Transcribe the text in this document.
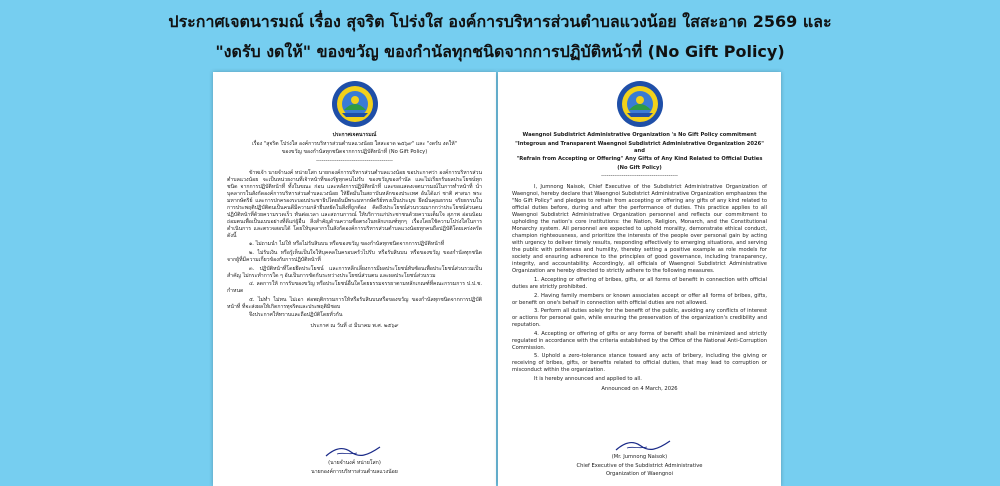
ประกาศเจตนารมณ์ เรื่อง สุจริต โปร่งใส องค์การบริหารส่วนตำบลแวงน้อย ใสสะอาด 2569 และ
"งดรับ งดให้" ของขวัญ ของกำนัลทุกชนิดจากการปฏิบัติหน้าที่ (No Gift Policy)

ประกาศเจตนารมณ์

เรื่อง "สุจริต โปร่งใส องค์การบริหารส่วนตำบลแวงน้อย ใสสะอาด ๒๕๖๙" และ "งดรับ งดให้"

ของขวัญ ของกำนัลทุกชนิดจากการปฏิบัติหน้าที่ (No Gift Policy)

-----------------------------------------

ข้าพเจ้า นายจำนงค์ หน่ายโสก นายกองค์การบริหารส่วนตำบลแวงน้อย ขอประกาศว่า องค์การบริหารส่วนตำบลแวงน้อย จะเป็นหน่วยงานที่เจ้าหน้าที่ของรัฐทุกคนไม่รับ ของขวัญของกำนัล และไม่เรียกรับผลประโยชน์ทุกชนิด จากการปฏิบัติหน้าที่ ทั้งในขณะ ก่อน และหลังการปฏิบัติหน้าที่ และขอแสดงเจตนารมณ์ในการทำหน้าที่ นำบุคลากรในสังกัดองค์การบริหารส่วนตำบลแวงน้อย ให้ยึดมั่นในสถาบันหลักของประเทศ อันได้แก่ ชาติ ศาสนา พระมหากษัตริย์ และการปกครองระบอบประชาธิปไตยอันมีพระมหากษัตริย์ทรงเป็นประมุข ยึดมั่นคุณธรรม จริยธรรมในการประพฤติปฏิบัติตนเป็นคนดีมีความกล้ายืนหยัดในสิ่งที่ถูกต้อง คิดถึงประโยชน์ส่วนรวมมากกว่าประโยชน์ส่วนตน ปฏิบัติหน้าที่ด้วยความรวดเร็ว ทันต่อเวลา และสถานการณ์ ให้บริการแก่ประชาชนด้วยความเต็มใจ สุภาพ อ่อนน้อมถ่อมตนเพื่อเป็นแบบอย่างที่ดีแก่ผู้อื่น สิ่งสำคัญด้านความซื่อตรงในหลักเกณฑ์ทุกๆ เรื่องโดยใช้ความโปร่งใสในการดำเนินการ และตรวจสอบได้ โดยให้บุคลากรในสังกัดองค์การบริหารส่วนตำบลแวงน้อยทุกคนถือปฏิบัติโดยเคร่งครัด ดังนี้

๑. ไม่ถามนำ ไม่ให้ หรือไม่รับสินบน หรือของขวัญ ของกำนัลทุกชนิดจากการปฏิบัติหน้าที่

๒. ไม่รับเงิน หรือรู้เห็นเป็นใจให้บุคคลในครอบครัวไปรับ หรือรับสินบน หรือของขวัญ ของกำนัลทุกชนิดจากผู้ที่มีความเกี่ยวข้องกับการปฏิบัติหน้าที่

๓. ปฏิบัติหน้าที่โดยยึดประโยชน์ และการหลีกเลี่ยงการมีผลประโยชน์ทับซ้อนเพื่อประโยชน์ส่วนรวมเป็นสำคัญ ไม่กระทำการใด ๆ อันเป็นการขัดกันระหว่างประโยชน์ส่วนตน และผลประโยชน์ส่วนรวม

๔. ลดการให้ การรับของขวัญ หรือประโยชน์อื่นใดโดยธรรมจรรยาตามหลักเกณฑ์ที่คณะกรรมการ ป.ป.ช. กำหนด

๕. ไม่ทำ ไม่ทน ไม่เอา ต่อพฤติกรรมการให้หรือรับสินบนหรือของขวัญ ของกำนัลทุกชนิดจากการปฏิบัติหน้าที่ ที่จะส่งผลให้เกิดการทุจริตและประพฤติมิชอบ

จึงประกาศให้ทราบและถือปฏิบัติโดยทั่วกัน

ประกาศ ณ วันที่ ๔ มีนาคม พ.ศ. ๒๕๖๙

(นายจำนงค์ หน่ายโสก)

นายกองค์การบริหารส่วนตำบลแวงน้อย

Waengnoi Subdistrict Administrative Organization 's No Gift Policy commitment

"Integrous and Transparent Waengnoi Subdistrict Administrative Organization 2026" and

"Refrain from Accepting or Offering" Any Gifts of Any Kind Related to Official Duties

(No Gift Policy)

-----------------------------------------

I, Jumnong Naisok, Chief Executive of the Subdistrict Administrative Organization of Waengnoi, hereby declare that Waengnoi Subdistrict Administrative Organization emphasizes the "No Gift Policy" and pledges to refrain from accepting or offering any gifts of any kind related to official duties before, during and after the performance of duties. This practice applies to all Waengnoi Subdistrict Administrative Organization personnel and reflects our commitment to upholding the nation's core institutions: the Nation, Religion, Monarch, and the Constitutional Monarchy system. All personnel are expected to uphold morality, demonstrate ethical conduct, champion righteousness, and prioritize the interests of the people over personal gain by acting with urgency to deliver timely results, responding effectively to emerging situations, and serving the public with politeness and humility, thereby setting a positive example as role models for society and ensuring adherence to the principles of good governance, including transparency, integrity, and accountability. Accordingly, all officials of Waengnoi Subdistrict Administrative Organization are hereby directed to strictly adhere to the following measures.

1. Accepting or offering of bribes, gifts, or all forms of benefit in connection with official duties are strictly prohibited.

2. Having family members or known associates accept or offer all forms of bribes, gifts, or benefit on one's behalf in connection with official duties are not allowed.

3. Perform all duties solely for the benefit of the public, avoiding any conflicts of interest or actions for personal gain, while ensuring the preservation of the organization's credibility and reputation.

4. Accepting or offering of gifts or any forms of benefit shall be minimized and strictly regulated in accordance with the criteria established by the Office of the National Anti-Corruption Commission.

5. Uphold a zero-tolerance stance toward any acts of bribery, including the giving or receiving of bribes, gifts, or benefits related to official duties, that may lead to corruption or misconduct within the organization.

It is hereby announced and applied to all.

Announced on 4 March, 2026

(Mr. Jumnong Naisok)

Chief Executive of the Subdistrict Administrative

Organization of Waengnoi
